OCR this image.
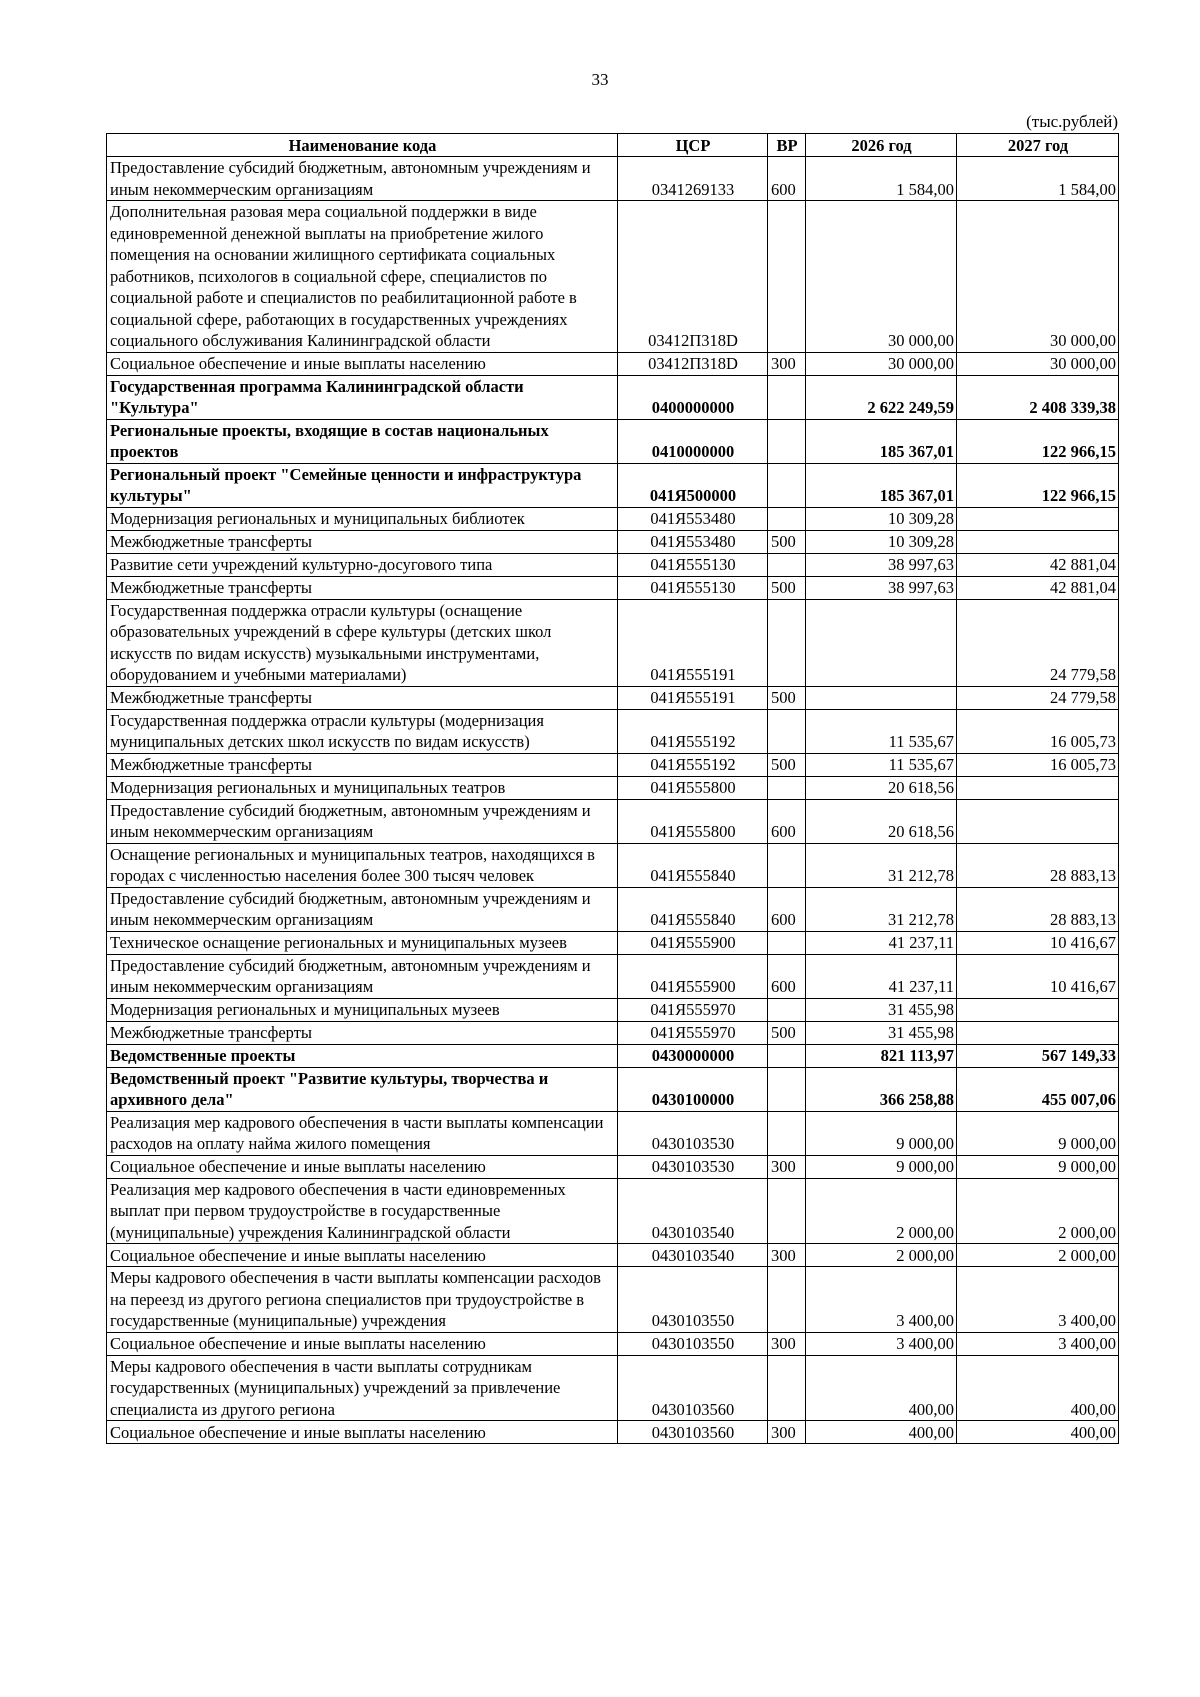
33
(тыс.рублей)
Наименование кода	ЦСР	ВР	2026 год	2027 год
Предоставление субсидий бюджетным, автономным учреждениям и иным некоммерческим организациям	0341269133	600	1 584,00	1 584,00
Дополнительная разовая мера социальной поддержки в виде единовременной денежной выплаты на приобретение жилого помещения на основании жилищного сертификата социальных работников, психологов в социальной сфере, специалистов по социальной работе и специалистов по реабилитационной работе в социальной сфере, работающих в государственных учреждениях социального обслуживания Калининградской области	03412П318D		30 000,00	30 000,00
Социальное обеспечение и иные выплаты населению	03412П318D	300	30 000,00	30 000,00
Государственная программа Калининградской области "Культура"	0400000000		2 622 249,59	2 408 339,38
Региональные проекты, входящие в состав национальных проектов	0410000000		185 367,01	122 966,15
Региональный проект "Семейные ценности и инфраструктура культуры"	041Я500000		185 367,01	122 966,15
Модернизация региональных и муниципальных библиотек	041Я553480		10 309,28	
Межбюджетные трансферты	041Я553480	500	10 309,28	
Развитие сети учреждений культурно-досугового типа	041Я555130		38 997,63	42 881,04
Межбюджетные трансферты	041Я555130	500	38 997,63	42 881,04
Государственная поддержка отрасли культуры (оснащение образовательных учреждений в сфере культуры (детских школ искусств по видам искусств) музыкальными инструментами, оборудованием и учебными материалами)	041Я555191			24 779,58
Межбюджетные трансферты	041Я555191	500		24 779,58
Государственная поддержка отрасли культуры (модернизация муниципальных детских школ искусств по видам искусств)	041Я555192		11 535,67	16 005,73
Межбюджетные трансферты	041Я555192	500	11 535,67	16 005,73
Модернизация региональных и муниципальных театров	041Я555800		20 618,56	
Предоставление субсидий бюджетным, автономным учреждениям и иным некоммерческим организациям	041Я555800	600	20 618,56	
Оснащение региональных и муниципальных театров, находящихся в городах с численностью населения более 300 тысяч человек	041Я555840		31 212,78	28 883,13
Предоставление субсидий бюджетным, автономным учреждениям и иным некоммерческим организациям	041Я555840	600	31 212,78	28 883,13
Техническое оснащение региональных и муниципальных музеев	041Я555900		41 237,11	10 416,67
Предоставление субсидий бюджетным, автономным учреждениям и иным некоммерческим организациям	041Я555900	600	41 237,11	10 416,67
Модернизация региональных и муниципальных музеев	041Я555970		31 455,98	
Межбюджетные трансферты	041Я555970	500	31 455,98	
Ведомственные проекты	0430000000		821 113,97	567 149,33
Ведомственный проект "Развитие культуры, творчества и архивного дела"	0430100000		366 258,88	455 007,06
Реализация мер кадрового обеспечения в части выплаты компенсации расходов на оплату найма жилого помещения	0430103530		9 000,00	9 000,00
Социальное обеспечение и иные выплаты населению	0430103530	300	9 000,00	9 000,00
Реализация мер кадрового обеспечения в части единовременных выплат при первом трудоустройстве в государственные (муниципальные) учреждения Калининградской области	0430103540		2 000,00	2 000,00
Социальное обеспечение и иные выплаты населению	0430103540	300	2 000,00	2 000,00
Меры кадрового обеспечения в части выплаты компенсации расходов на переезд из другого региона специалистов при трудоустройстве в государственные (муниципальные) учреждения	0430103550		3 400,00	3 400,00
Социальное обеспечение и иные выплаты населению	0430103550	300	3 400,00	3 400,00
Меры кадрового обеспечения в части выплаты сотрудникам государственных (муниципальных) учреждений за привлечение специалиста из другого региона	0430103560		400,00	400,00
Социальное обеспечение и иные выплаты населению	0430103560	300	400,00	400,00
